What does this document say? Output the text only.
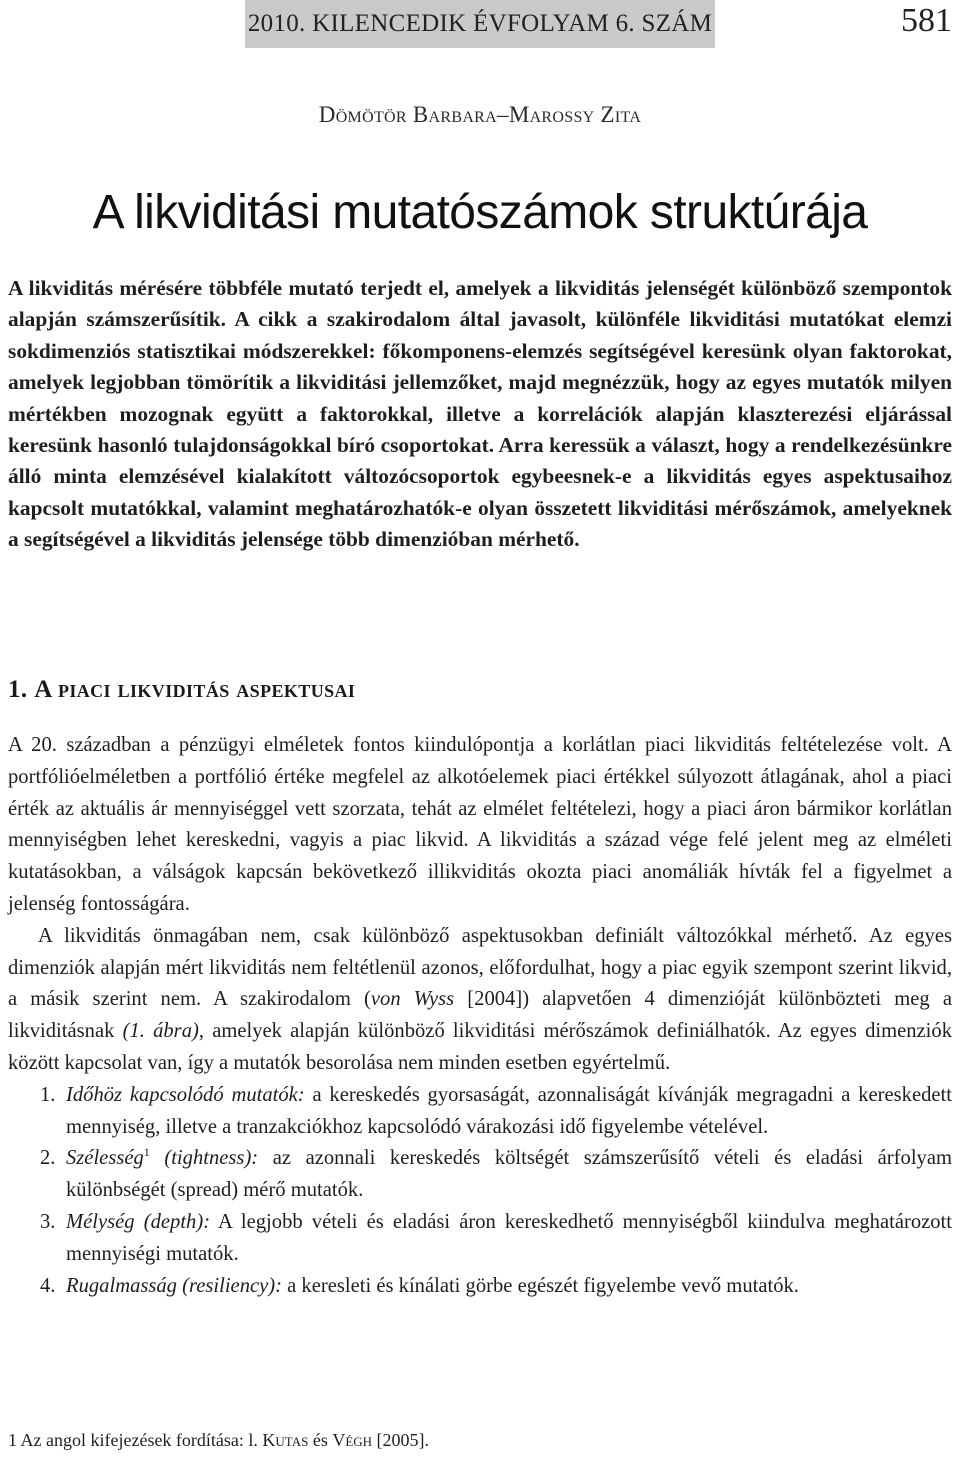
2010. KILENCEDIK ÉVFOLYAM 6. SZÁM	581
Dömötör Barbara–Marossy Zita
A likviditási mutatószámok struktúrája

A likviditás mérésére többféle mutató terjedt el, amelyek a likviditás jelenségét különböző szempontok alapján számszerűsítik. A cikk a szakirodalom által javasolt, különféle likviditási mutatókat elemzi sokdimenziós statisztikai módszerekkel: főkomponens-elemzés segítségével keresünk olyan faktorokat, amelyek legjobban tömörítik a likviditási jellemzőket, majd megnézzük, hogy az egyes mutatók milyen mértékben mozognak együtt a faktorokkal, illetve a korrelációk alapján klaszterezési eljárással keresünk hasonló tulajdonságokkal bíró csoportokat. Arra keressük a választ, hogy a rendelkezésünkre álló minta elemzésével kialakított változócsoportok egybeesnek-e a likviditás egyes aspektusaihoz kapcsolt mutatókkal, valamint meghatározhatók-e olyan összetett likviditási mérőszámok, amelyeknek a segítségével a likviditás jelensége több dimenzióban mérhető.

1. A piaci likviditás aspektusai

A 20. században a pénzügyi elméletek fontos kiindulópontja a korlátlan piaci likviditás feltételezése volt. A portfólióelméletben a portfólió értéke megfelel az alkotóelemek piaci értékkel súlyozott átlagának, ahol a piaci érték az aktuális ár mennyiséggel vett szorzata, tehát az elmélet feltételezi, hogy a piaci áron bármikor korlátlan mennyiségben lehet kereskedni, vagyis a piac likvid. A likviditás a század vége felé jelent meg az elméleti kutatásokban, a válságok kapcsán bekövetkező illikviditás okozta piaci anomáliák hívták fel a figyelmet a jelenség fontosságára.

A likviditás önmagában nem, csak különböző aspektusokban definiált változókkal mérhető. Az egyes dimenziók alapján mért likviditás nem feltétlenül azonos, előfordulhat, hogy a piac egyik szempont szerint likvid, a másik szerint nem. A szakirodalom (von Wyss [2004]) alapvetően 4 dimenzióját különbözteti meg a likviditásnak (1. ábra), amelyek alapján különböző likviditási mérőszámok definiálhatók. Az egyes dimenziók között kapcsolat van, így a mutatók besorolása nem minden esetben egyértelmű.

1. Időhöz kapcsolódó mutatók: a kereskedés gyorsaságát, azonnaliságát kívánják megragadni a kereskedett mennyiség, illetve a tranzakciókhoz kapcsolódó várakozási idő figyelembe vételével.
2. Szélesség$^1$ (tightness): az azonnali kereskedés költségét számszerűsítő vételi és eladási árfolyam különbségét (spread) mérő mutatók.
3. Mélység (depth): A legjobb vételi és eladási áron kereskedhető mennyiségből kiindulva meghatározott mennyiségi mutatók.
4. Rugalmasság (resiliency): a keresleti és kínálati görbe egészét figyelembe vevő mutatók.
1 Az angol kifejezések fordítása: l. Kutas és Végh [2005].
